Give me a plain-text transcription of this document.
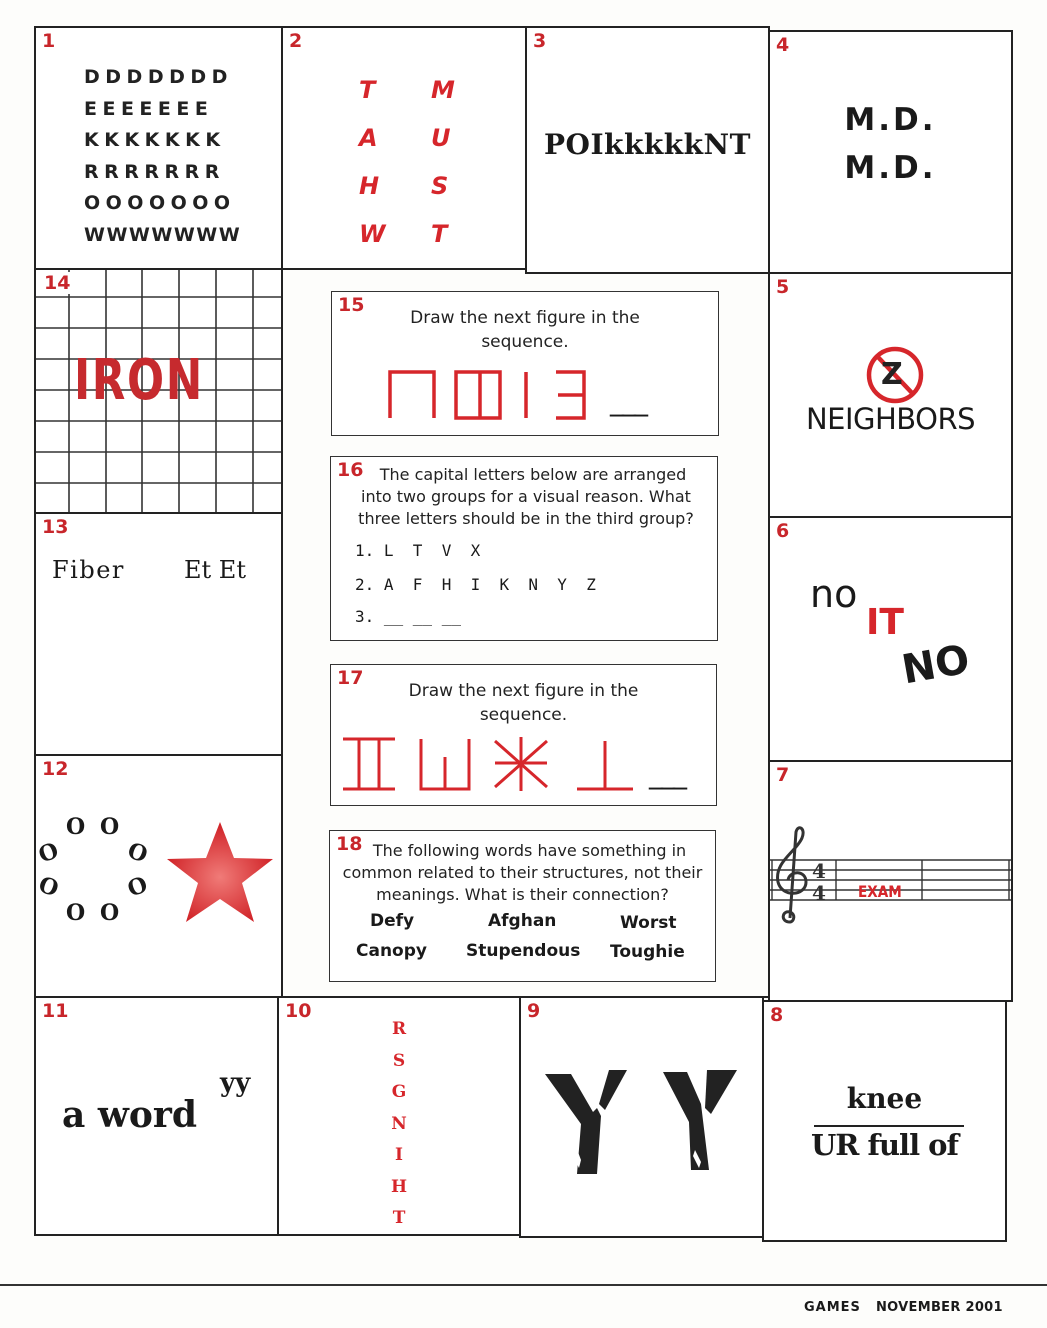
1
DDDDDDD
EEEEEEE
KKKKKKK
RRRRRRR
OOOOOOO
WWWWWWW
2
T
A
H
W
M
U
S
T
3
POIkkkkkNT
4
M.D.
M.D.
14
IRON
13
Fiber Et Et
12
O O
O	O
O	O
O O
11
a word
yy
15
Draw the next figure in the
sequence.
___
16	The capital letters below are arranged
into two groups for a visual reason. What
three letters should be in the third group?
1. L  T  V  X
2. A  F  H  I  K  N  Y  Z
3. __ __ __
17
Draw the next figure in the
sequence.
___
18 The following words have something in
common related to their structures, not their
meanings. What is their connection?
Defy	Afghan	Worst
Canopy Stupendous Toughie
5
Z
NEIGHBORS
6
no
IT
NO
7
4
4 EXAM
8
knee
UR full of
10
R
S
G
N
I
H
T
9
GAMES NOVEMBER 2001
